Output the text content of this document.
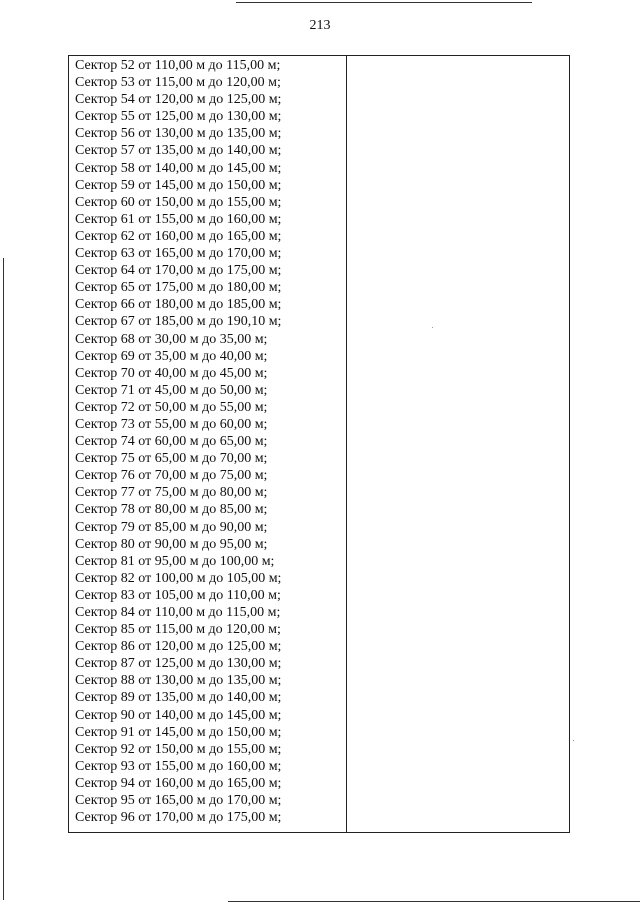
213
Сектор 52 от 110,00 м до 115,00 м;
Сектор 53 от 115,00 м до 120,00 м;
Сектор 54 от 120,00 м до 125,00 м;
Сектор 55 от 125,00 м до 130,00 м;
Сектор 56 от 130,00 м до 135,00 м;
Сектор 57 от 135,00 м до 140,00 м;
Сектор 58 от 140,00 м до 145,00 м;
Сектор 59 от 145,00 м до 150,00 м;
Сектор 60 от 150,00 м до 155,00 м;
Сектор 61 от 155,00 м до 160,00 м;
Сектор 62 от 160,00 м до 165,00 м;
Сектор 63 от 165,00 м до 170,00 м;
Сектор 64 от 170,00 м до 175,00 м;
Сектор 65 от 175,00 м до 180,00 м;
Сектор 66 от 180,00 м до 185,00 м;
Сектор 67 от 185,00 м до 190,10 м;
Сектор 68 от 30,00 м до 35,00 м;
Сектор 69 от 35,00 м до 40,00 м;
Сектор 70 от 40,00 м до 45,00 м;
Сектор 71 от 45,00 м до 50,00 м;
Сектор 72 от 50,00 м до 55,00 м;
Сектор 73 от 55,00 м до 60,00 м;
Сектор 74 от 60,00 м до 65,00 м;
Сектор 75 от 65,00 м до 70,00 м;
Сектор 76 от 70,00 м до 75,00 м;
Сектор 77 от 75,00 м до 80,00 м;
Сектор 78 от 80,00 м до 85,00 м;
Сектор 79 от 85,00 м до 90,00 м;
Сектор 80 от 90,00 м до 95,00 м;
Сектор 81 от 95,00 м до 100,00 м;
Сектор 82 от 100,00 м до 105,00 м;
Сектор 83 от 105,00 м до 110,00 м;
Сектор 84 от 110,00 м до 115,00 м;
Сектор 85 от 115,00 м до 120,00 м;
Сектор 86 от 120,00 м до 125,00 м;
Сектор 87 от 125,00 м до 130,00 м;
Сектор 88 от 130,00 м до 135,00 м;
Сектор 89 от 135,00 м до 140,00 м;
Сектор 90 от 140,00 м до 145,00 м;
Сектор 91 от 145,00 м до 150,00 м;
Сектор 92 от 150,00 м до 155,00 м;
Сектор 93 от 155,00 м до 160,00 м;
Сектор 94 от 160,00 м до 165,00 м;
Сектор 95 от 165,00 м до 170,00 м;
Сектор 96 от 170,00 м до 175,00 м;
